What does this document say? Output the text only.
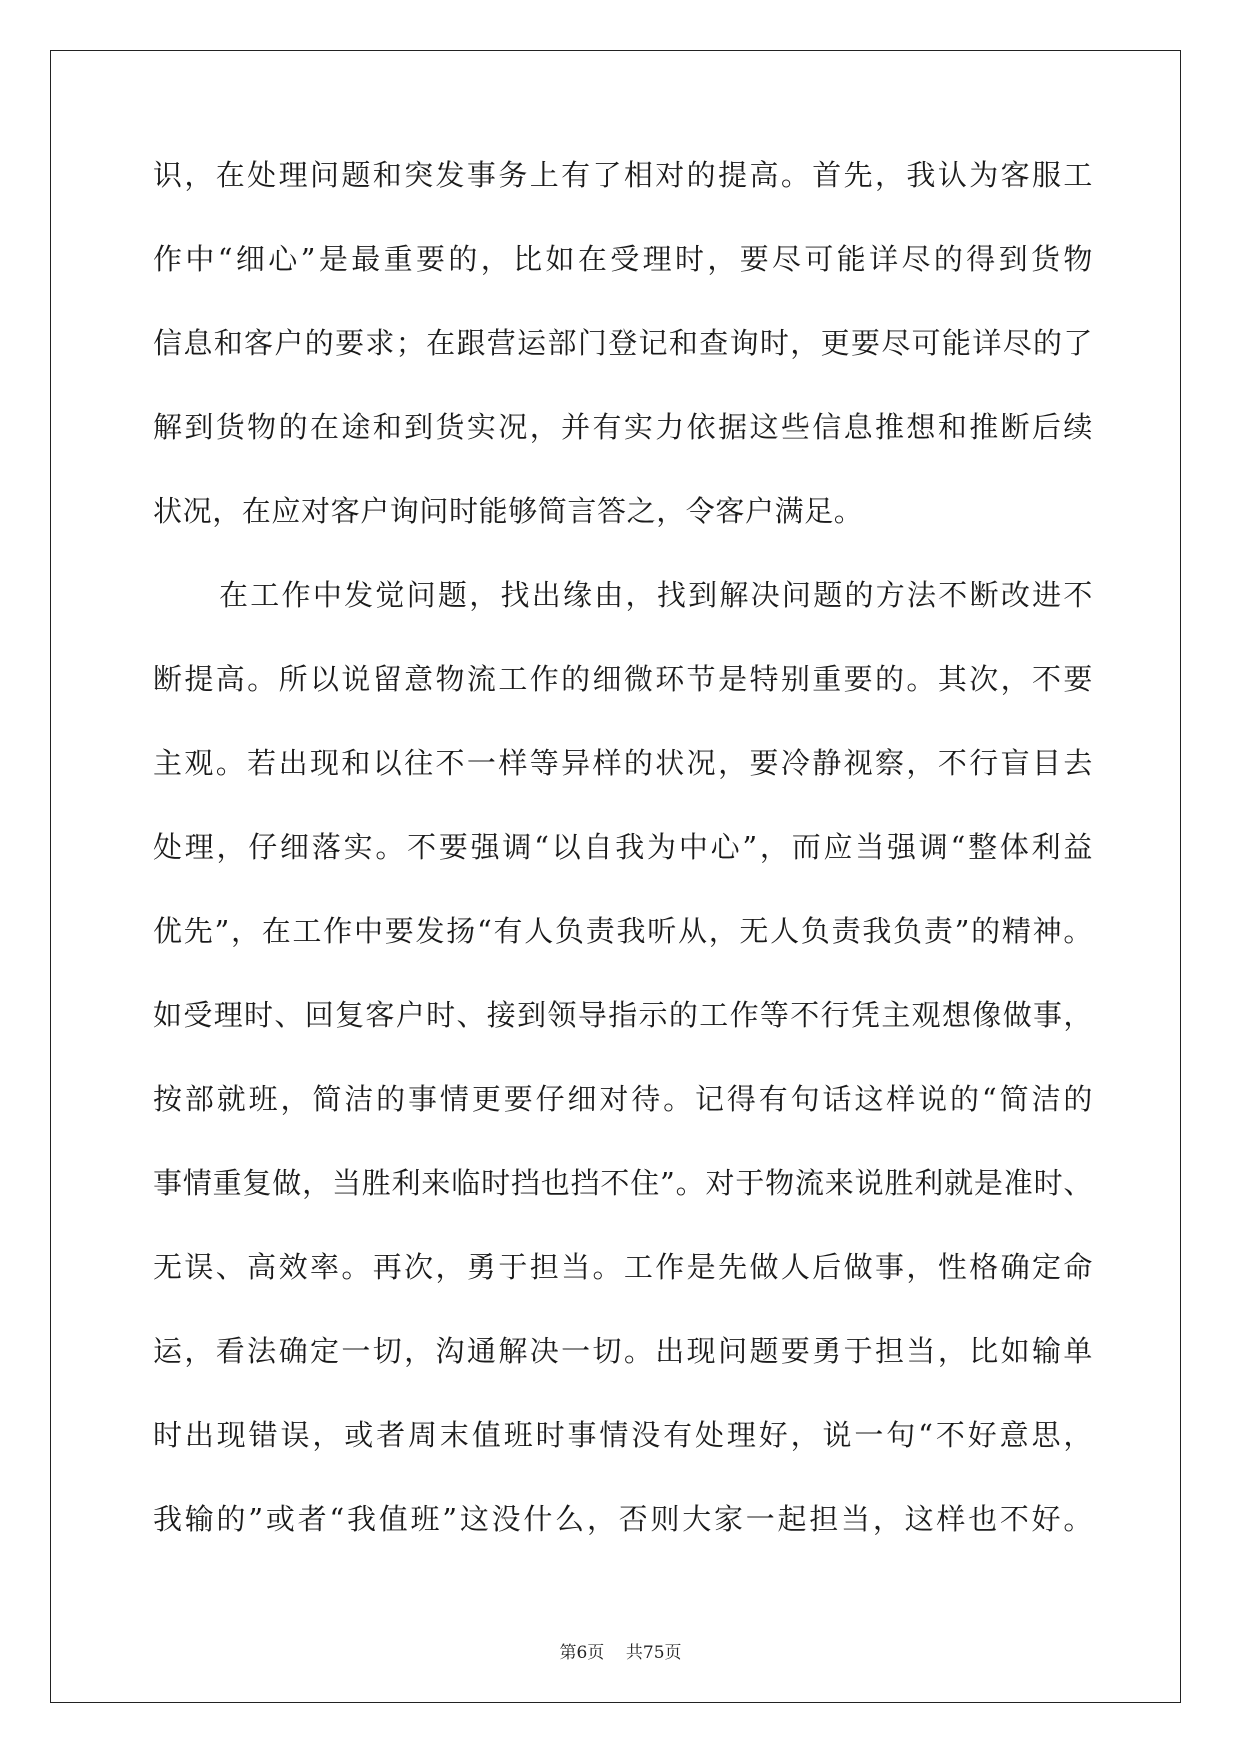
识，在处理问题和突发事务上有了相对的提高。首先，我认为客服工
作中“细心”是最重要的，比如在受理时，要尽可能详尽的得到货物
信息和客户的要求；在跟营运部门登记和查询时，更要尽可能详尽的了
解到货物的在途和到货实况，并有实力依据这些信息推想和推断后续
状况，在应对客户询问时能够简言答之，令客户满足。
在工作中发觉问题，找出缘由，找到解决问题的方法不断改进不
断提高。所以说留意物流工作的细微环节是特别重要的。其次，不要
主观。若出现和以往不一样等异样的状况，要冷静视察，不行盲目去
处理，仔细落实。不要强调“以自我为中心”，而应当强调“整体利益
优先”，在工作中要发扬“有人负责我听从，无人负责我负责”的精神。
如受理时、回复客户时、接到领导指示的工作等不行凭主观想像做事，
按部就班，简洁的事情更要仔细对待。记得有句话这样说的“简洁的
事情重复做，当胜利来临时挡也挡不住”。对于物流来说胜利就是准时、
无误、高效率。再次，勇于担当。工作是先做人后做事，性格确定命
运，看法确定一切，沟通解决一切。出现问题要勇于担当，比如输单
时出现错误，或者周末值班时事情没有处理好，说一句“不好意思，
我输的”或者“我值班”这没什么，否则大家一起担当，这样也不好。
第6页 共75页
